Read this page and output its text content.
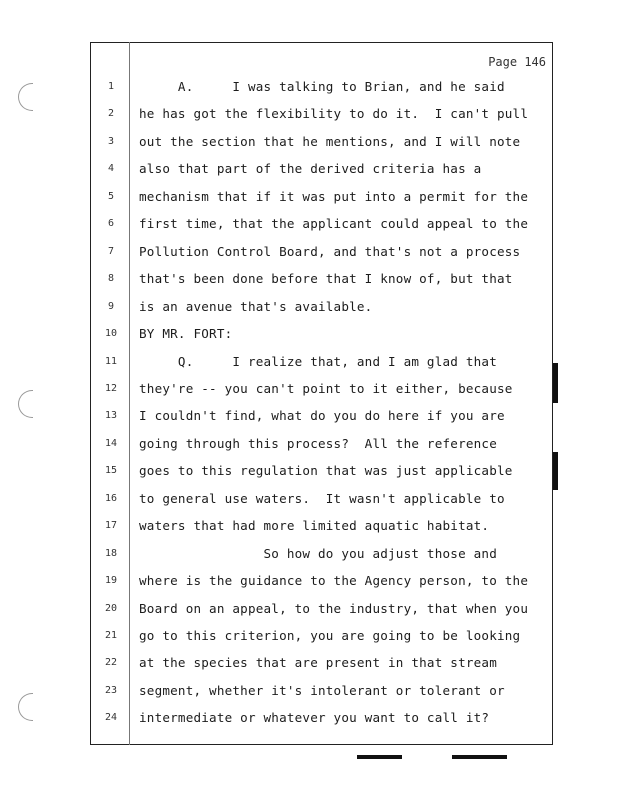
Page 146
1	A.     I was talking to Brian, and he said
2	he has got the flexibility to do it.  I can't pull
3	out the section that he mentions, and I will note
4	also that part of the derived criteria has a
5	mechanism that if it was put into a permit for the
6	first time, that the applicant could appeal to the
7	Pollution Control Board, and that's not a process
8	that's been done before that I know of, but that
9	is an avenue that's available.
10	BY MR. FORT:
11	Q.     I realize that, and I am glad that
12	they're -- you can't point to it either, because
13	I couldn't find, what do you do here if you are
14	going through this process?  All the reference
15	goes to this regulation that was just applicable
16	to general use waters.  It wasn't applicable to
17	waters that had more limited aquatic habitat.
18	So how do you adjust those and
19	where is the guidance to the Agency person, to the
20	Board on an appeal, to the industry, that when you
21	go to this criterion, you are going to be looking
22	at the species that are present in that stream
23	segment, whether it's intolerant or tolerant or
24	intermediate or whatever you want to call it?
